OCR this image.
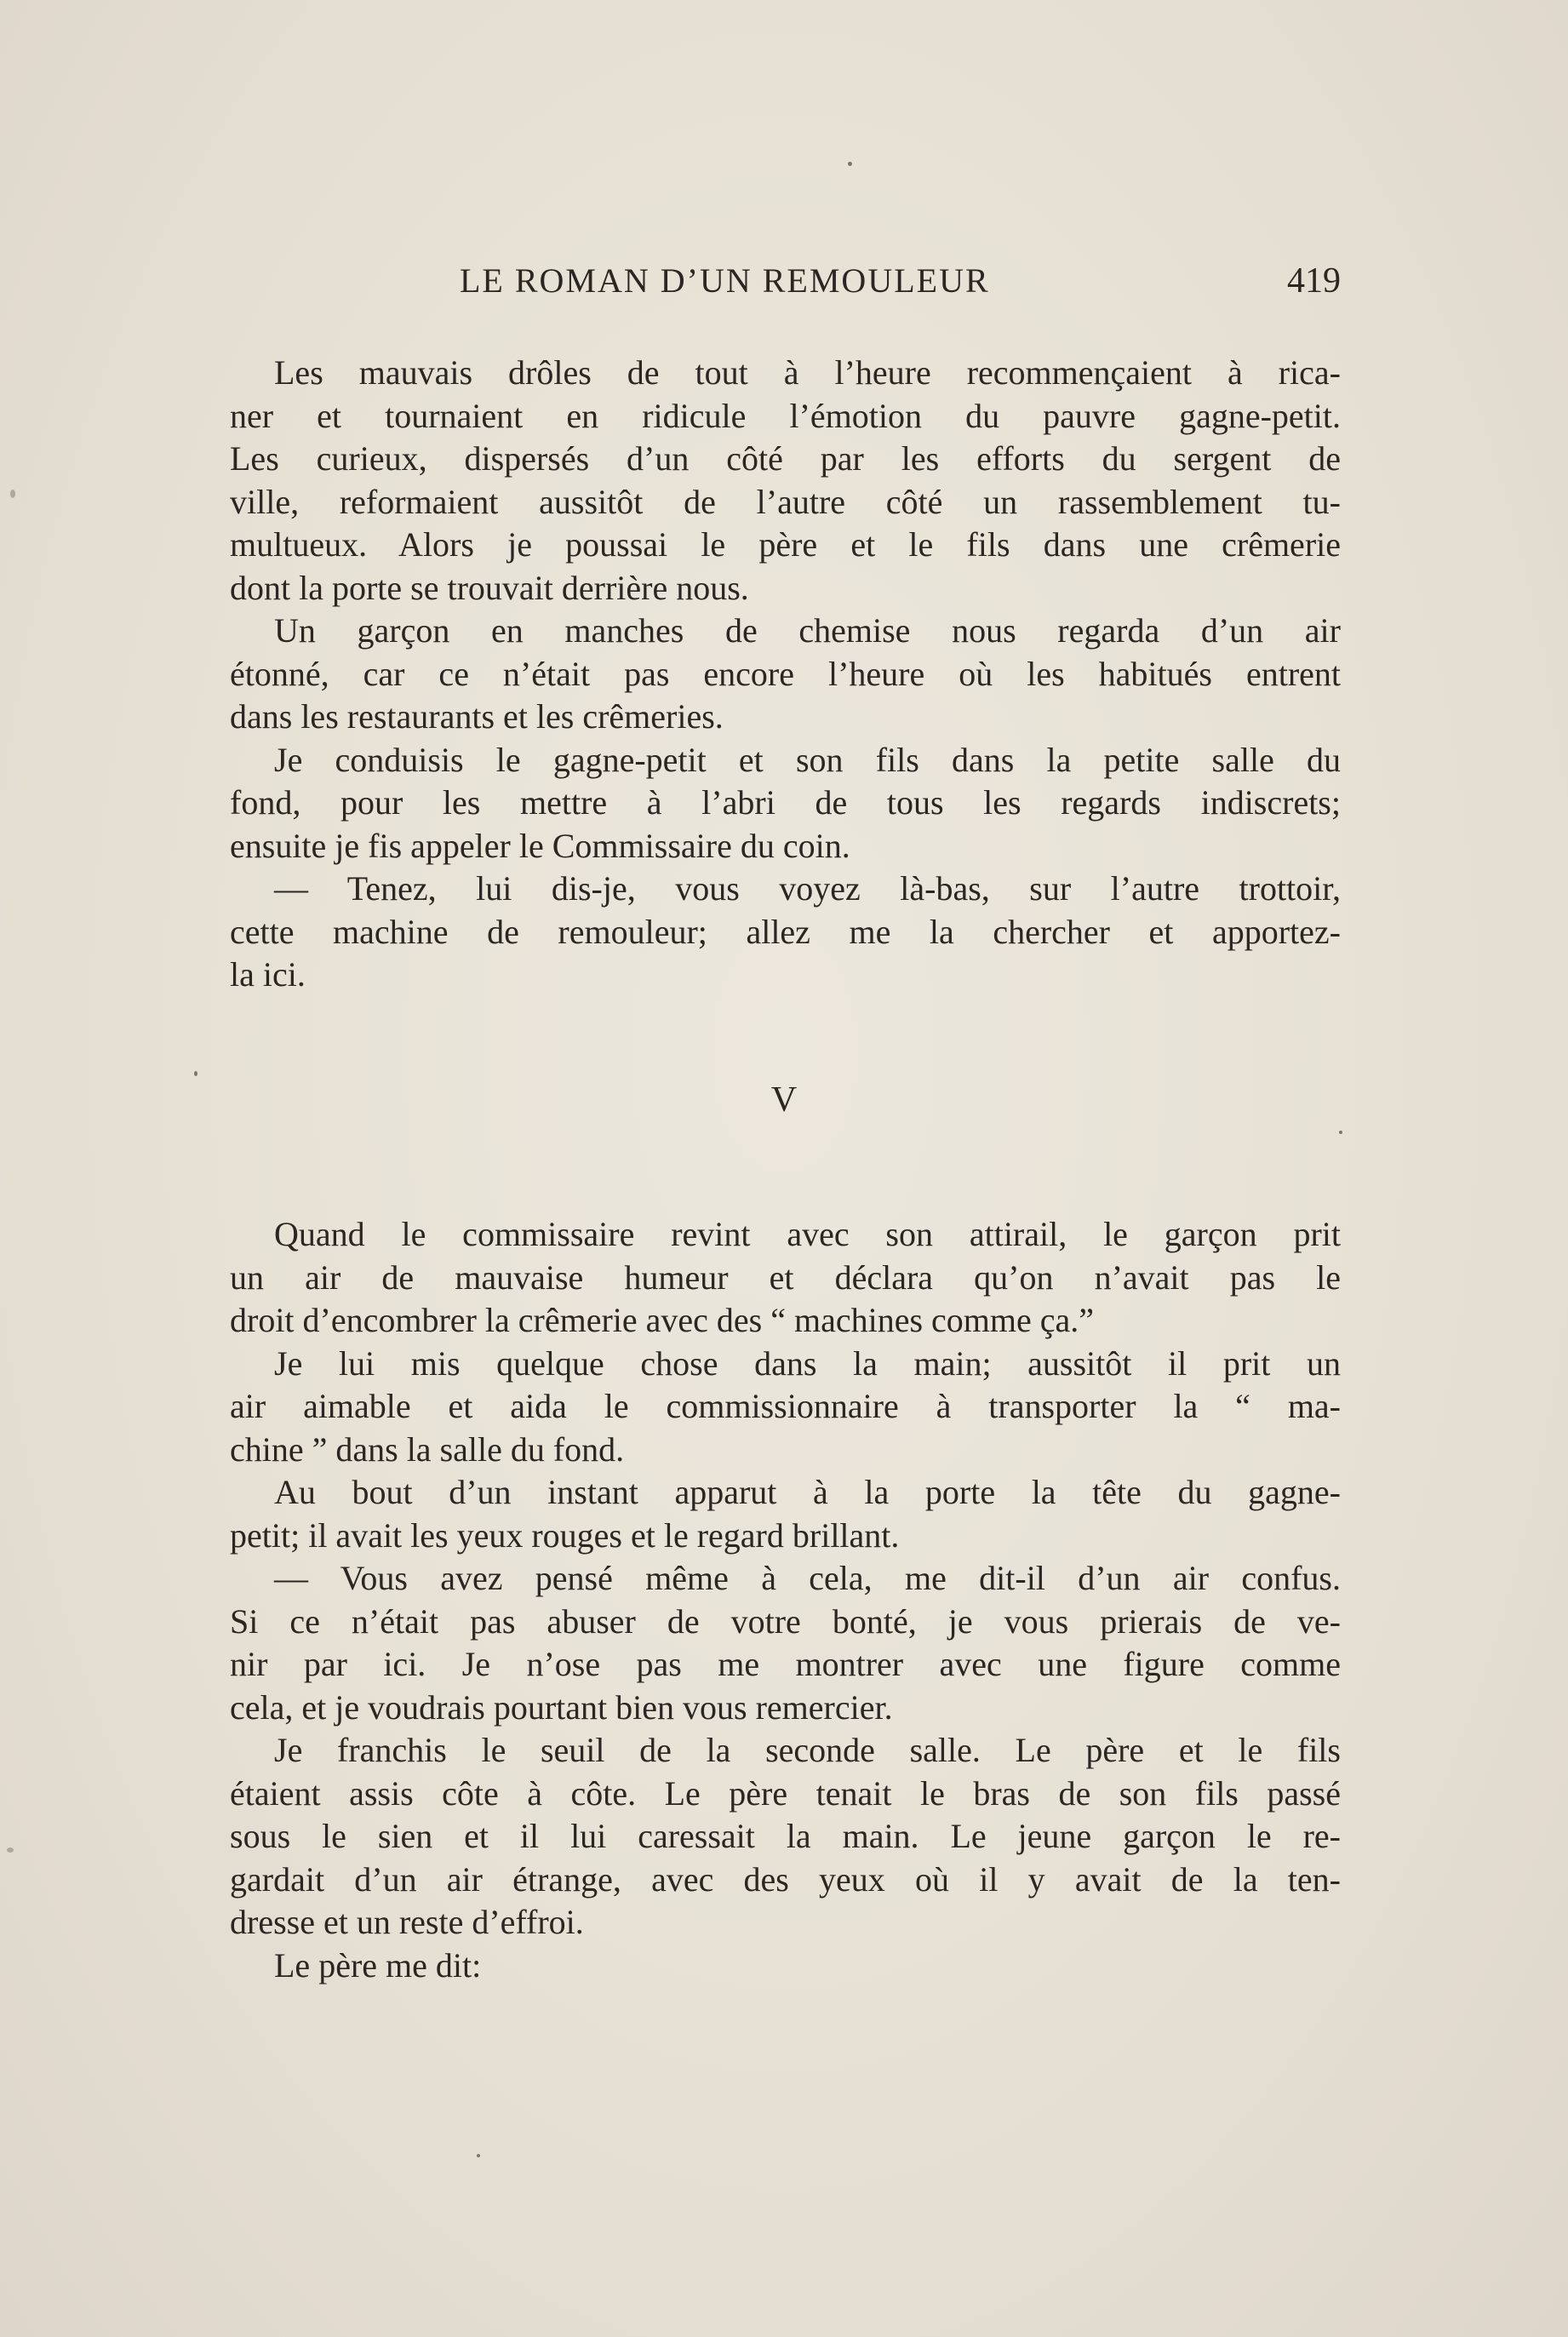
LE ROMAN D’UN REMOULEUR	419
Les mauvais drôles de tout à l’heure recommençaient à rica-
ner et tournaient en ridicule l’émotion du pauvre gagne-petit.
Les curieux, dispersés d’un côté par les efforts du sergent de
ville, reformaient aussitôt de l’autre côté un rassemblement tu-
multueux. Alors je poussai le père et le fils dans une crêmerie
dont la porte se trouvait derrière nous.
Un garçon en manches de chemise nous regarda d’un air
étonné, car ce n’était pas encore l’heure où les habitués entrent
dans les restaurants et les crêmeries.
Je conduisis le gagne-petit et son fils dans la petite salle du
fond, pour les mettre à l’abri de tous les regards indiscrets;
ensuite je fis appeler le Commissaire du coin.
— Tenez, lui dis-je, vous voyez là-bas, sur l’autre trottoir,
cette machine de remouleur; allez me la chercher et apportez-
la ici.
V
Quand le commissaire revint avec son attirail, le garçon prit
un air de mauvaise humeur et déclara qu’on n’avait pas le
droit d’encombrer la crêmerie avec des “ machines comme ça.”
Je lui mis quelque chose dans la main; aussitôt il prit un
air aimable et aida le commissionnaire à transporter la “ ma-
chine ” dans la salle du fond.
Au bout d’un instant apparut à la porte la tête du gagne-
petit; il avait les yeux rouges et le regard brillant.
— Vous avez pensé même à cela, me dit-il d’un air confus.
Si ce n’était pas abuser de votre bonté, je vous prierais de ve-
nir par ici. Je n’ose pas me montrer avec une figure comme
cela, et je voudrais pourtant bien vous remercier.
Je franchis le seuil de la seconde salle. Le père et le fils
étaient assis côte à côte. Le père tenait le bras de son fils passé
sous le sien et il lui caressait la main. Le jeune garçon le re-
gardait d’un air étrange, avec des yeux où il y avait de la ten-
dresse et un reste d’effroi.
Le père me dit:
